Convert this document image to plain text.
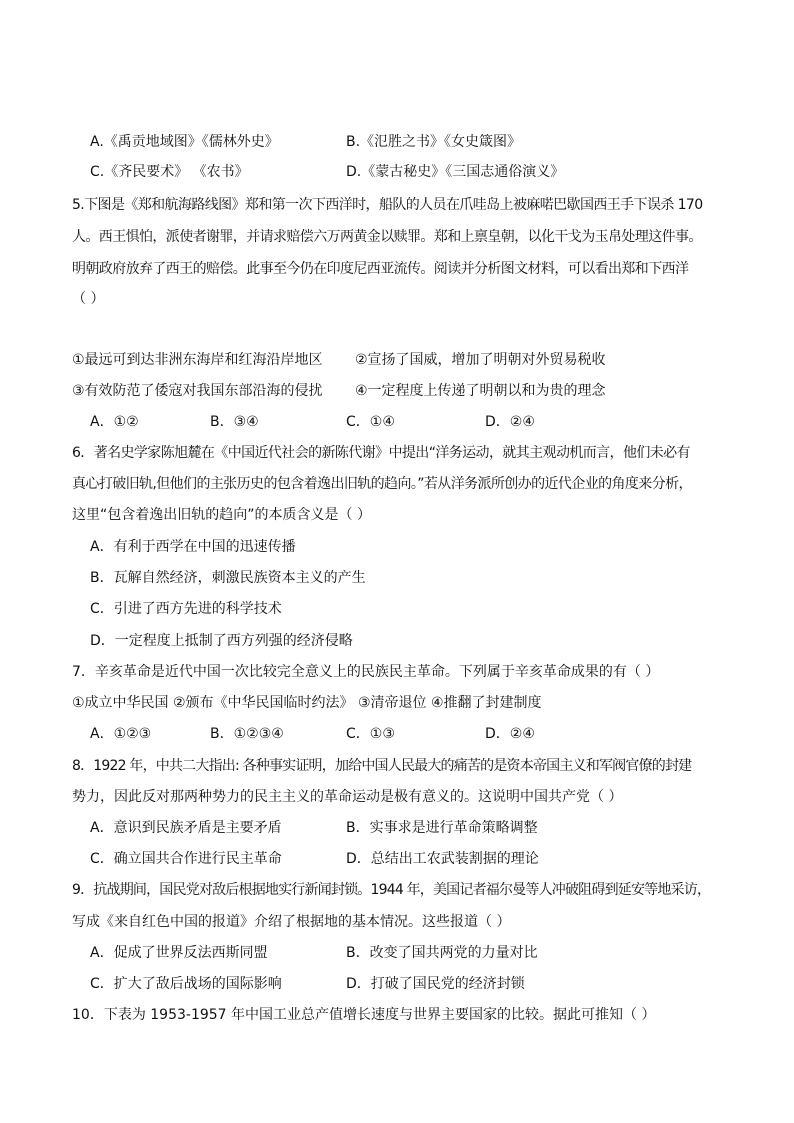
A.《禹贡地域图》《儒林外史》	B.《氾胜之书》《女史箴图》
C.《齐民要术》 《农书》	D.《蒙古秘史》《三国志通俗演义》
5.下图是《郑和航海路线图》郑和第一次下西洋时，船队的人员在爪哇岛上被麻喏巴歇国西王手下误杀 170
人。西王惧怕，派使者谢罪，并请求赔偿六万两黄金以赎罪。郑和上禀皇朝，以化干戈为玉帛处理这件事。
明朝政府放弃了西王的赔偿。此事至今仍在印度尼西亚流传。阅读并分析图文材料，可以看出郑和下西洋
（ ）
①最远可到达非洲东海岸和红海沿岸地区 ②宣扬了国威，增加了明朝对外贸易税收
③有效防范了倭寇对我国东部沿海的侵扰 ④一定程度上传递了明朝以和为贵的理念
A．①②	B．③④	C．①④	D．②④
6．著名史学家陈旭麓在《中国近代社会的新陈代谢》中提出“洋务运动，就其主观动机而言，他们未必有
真心打破旧轨,但他们的主张历史的包含着逸出旧轨的趋向。”若从洋务派所创办的近代企业的角度来分析，
这里“包含着逸出旧轨的趋向”的本质含义是（ ）
A．有利于西学在中国的迅速传播
B．瓦解自然经济，刺激民族资本主义的产生
C．引进了西方先进的科学技术
D．一定程度上抵制了西方列强的经济侵略
7．辛亥革命是近代中国一次比较完全意义上的民族民主革命。下列属于辛亥革命成果的有（ ）
①成立中华民国 ②颁布《中华民国临时约法》 ③清帝退位 ④推翻了封建制度
A．①②③	B．①②③④	C．①③	D．②④
8．1922 年，中共二大指出: 各种事实证明，加给中国人民最大的痛苦的是资本帝国主义和军阀官僚的封建
势力，因此反对那两种势力的民主主义的革命运动是极有意义的。这说明中国共产党（ ）
A．意识到民族矛盾是主要矛盾	B．实事求是进行革命策略调整
C．确立国共合作进行民主革命	D．总结出工农武装割据的理论
9．抗战期间，国民党对敌后根据地实行新闻封锁。1944 年，美国记者福尔曼等人冲破阻碍到延安等地采访，
写成《来自红色中国的报道》介绍了根据地的基本情况。这些报道（ ）
A．促成了世界反法西斯同盟	B．改变了国共两党的力量对比
C．扩大了敌后战场的国际影响	D．打破了国民党的经济封锁
10．下表为 1953-1957 年中国工业总产值增长速度与世界主要国家的比较。据此可推知（ ）
